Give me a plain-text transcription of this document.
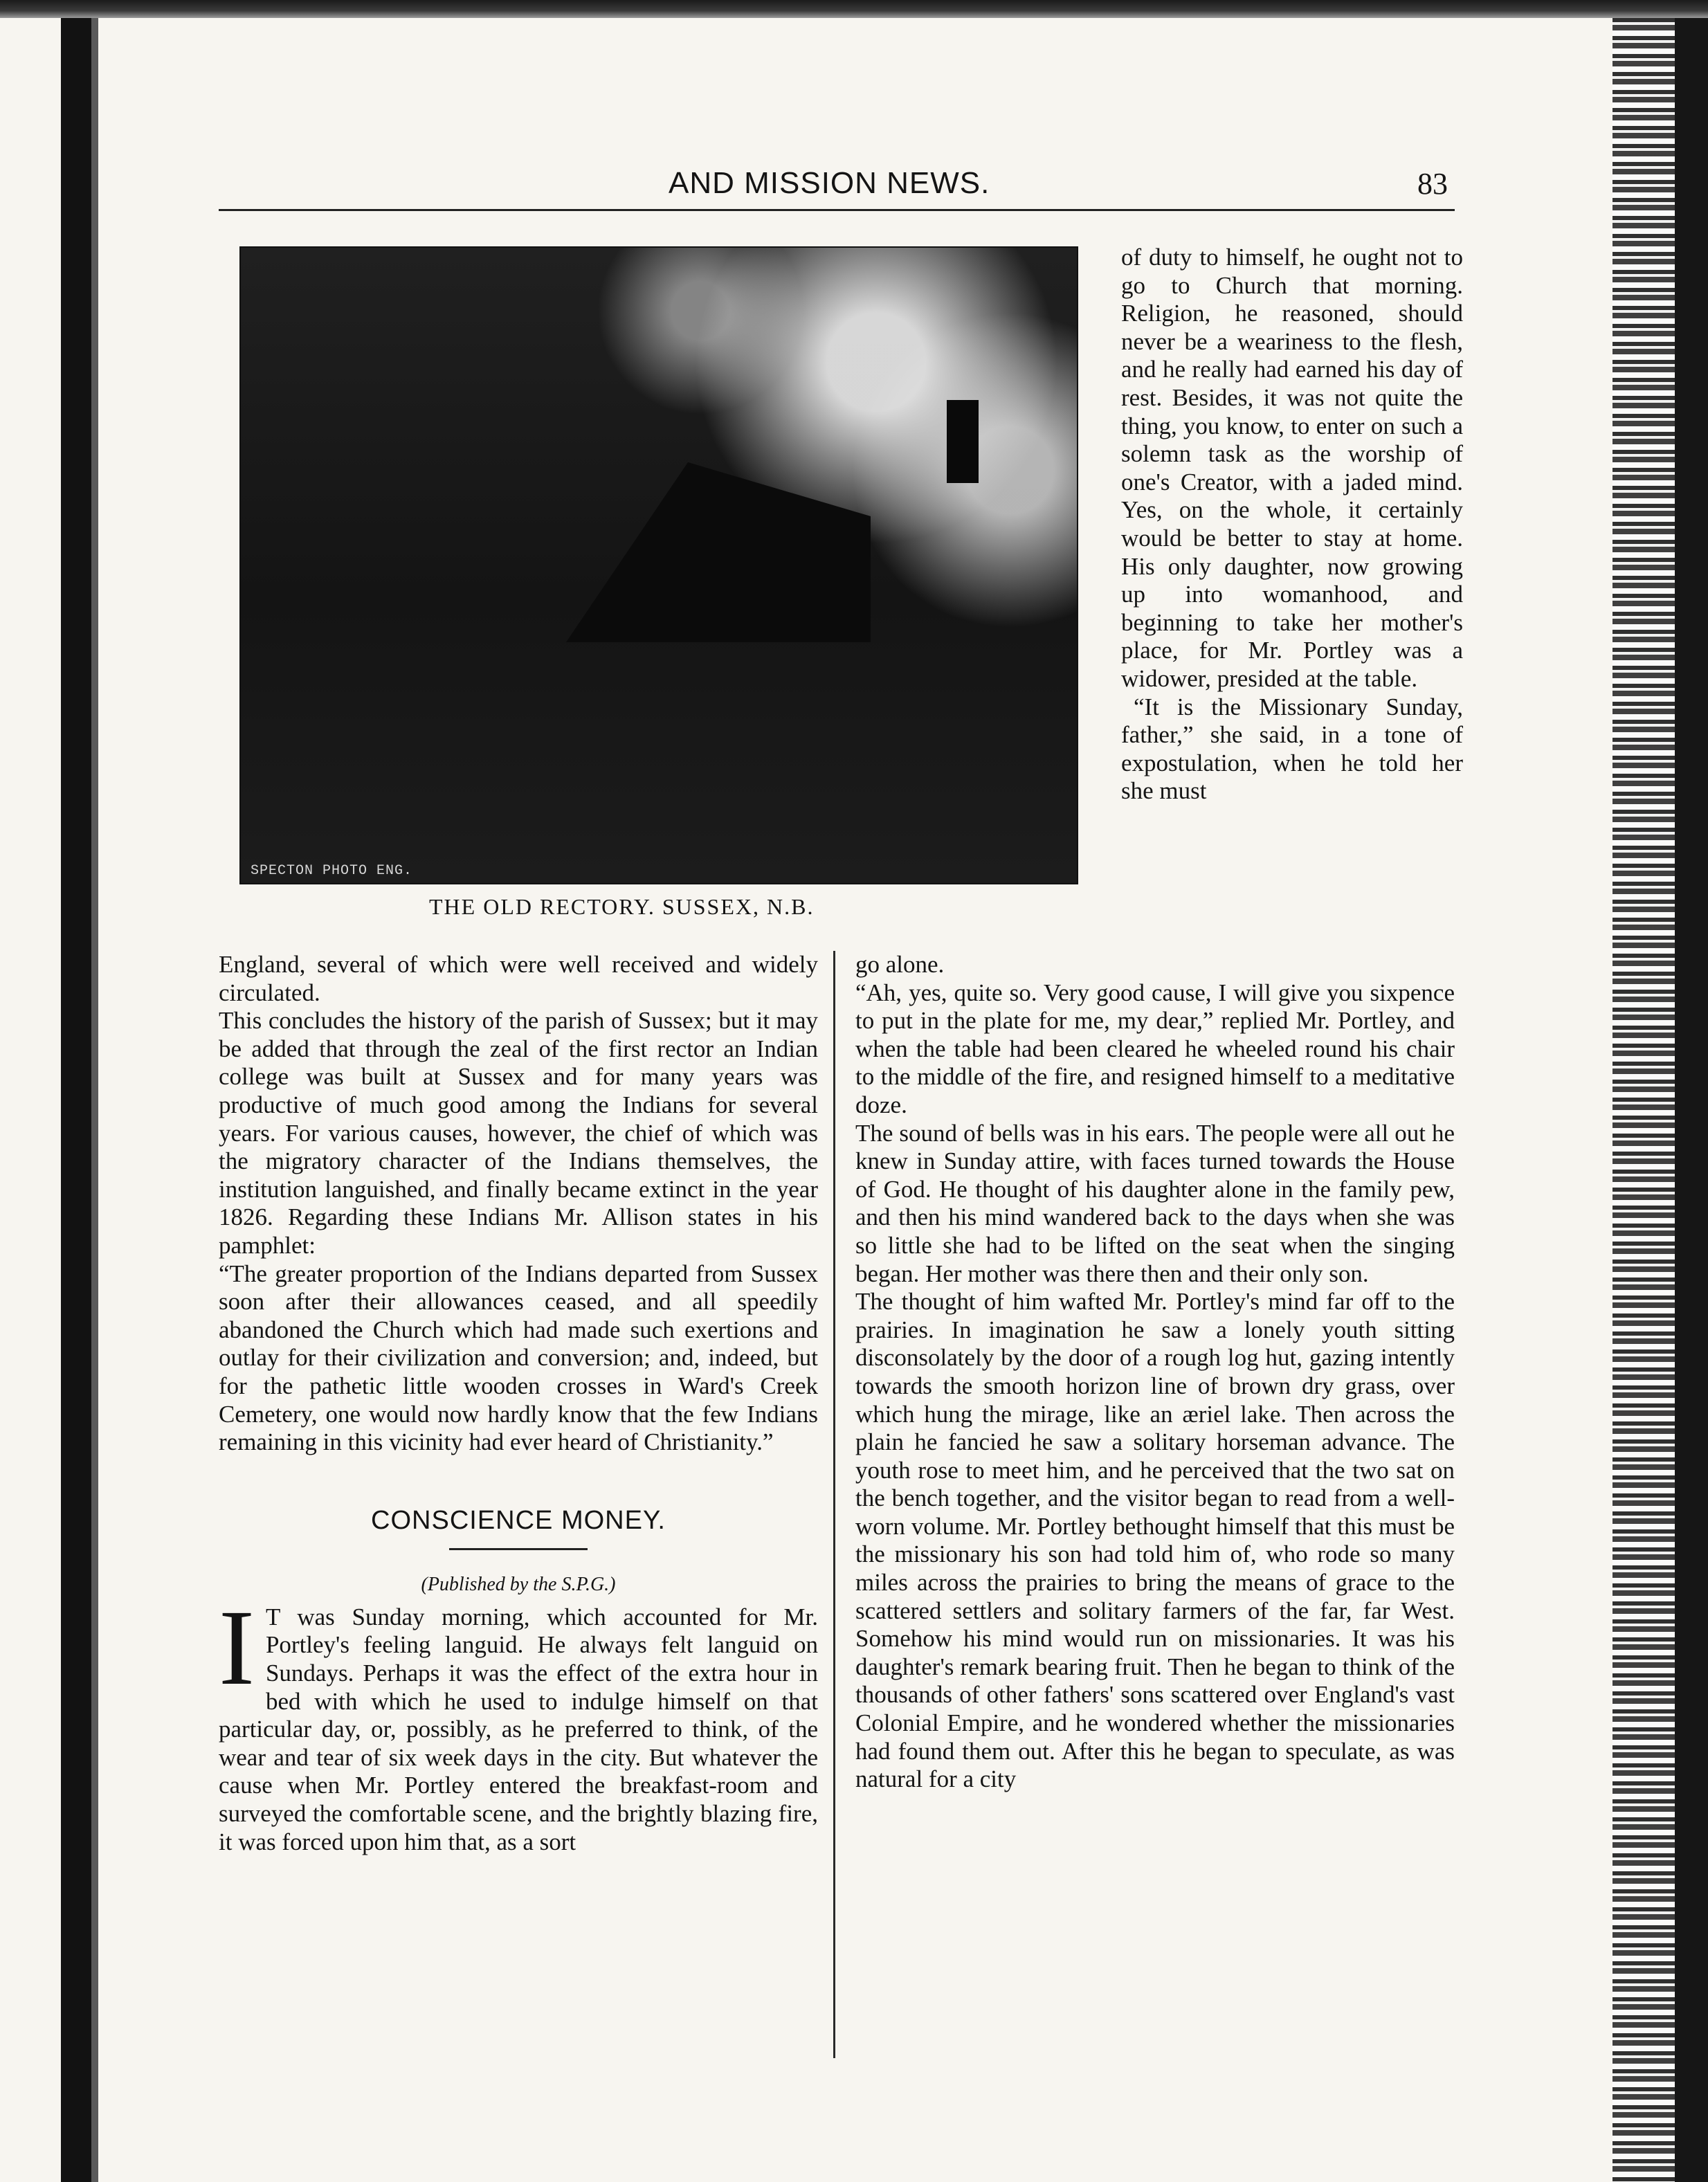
AND MISSION NEWS.	83
SPECTON PHOTO ENG.
THE OLD RECTORY. SUSSEX, N.B.

of duty to himself, he ought not to go to Church that morning. Religion, he reasoned, should never be a weariness to the flesh, and he really had earned his day of rest. Besides, it was not quite the thing, you know, to enter on such a solemn task as the worship of one's Creator, with a jaded mind. Yes, on the whole, it certainly would be better to stay at home. His only daughter, now growing up into womanhood, and beginning to take her mother's place, for Mr. Portley was a widower, presided at the table.

“It is the Missionary Sunday, father,” she said, in a tone of expostulation, when he told her she must

England, several of which were well received and widely circulated.

This concludes the history of the parish of Sussex; but it may be added that through the zeal of the first rector an Indian college was built at Sussex and for many years was productive of much good among the Indians for several years. For various causes, however, the chief of which was the migratory character of the Indians themselves, the institution languished, and finally became extinct in the year 1826. Regarding these Indians Mr. Allison states in his pamphlet:

“The greater proportion of the Indians departed from Sussex soon after their allowances ceased, and all speedily abandoned the Church which had made such exertions and outlay for their civilization and conversion; and, indeed, but for the pathetic little wooden crosses in Ward's Creek Cemetery, one would now hardly know that the few Indians remaining in this vicinity had ever heard of Christianity.”

CONSCIENCE MONEY.
(Published by the S.P.G.)

I T was Sunday morning, which accounted for Mr. Portley's feeling languid. He always felt languid on Sundays. Perhaps it was the effect of the extra hour in bed with which he used to indulge himself on that particular day, or, possibly, as he preferred to think, of the wear and tear of six week days in the city. But whatever the cause when Mr. Portley entered the breakfast-room and surveyed the comfortable scene, and the brightly blazing fire, it was forced upon him that, as a sort

go alone.

“Ah, yes, quite so. Very good cause, I will give you sixpence to put in the plate for me, my dear,” replied Mr. Portley, and when the table had been cleared he wheeled round his chair to the middle of the fire, and resigned himself to a meditative doze.

The sound of bells was in his ears. The people were all out he knew in Sunday attire, with faces turned towards the House of God. He thought of his daughter alone in the family pew, and then his mind wandered back to the days when she was so little she had to be lifted on the seat when the singing began. Her mother was there then and their only son.

The thought of him wafted Mr. Portley's mind far off to the prairies. In imagination he saw a lonely youth sitting disconsolately by the door of a rough log hut, gazing intently towards the smooth horizon line of brown dry grass, over which hung the mirage, like an æriel lake. Then across the plain he fancied he saw a solitary horseman advance. The youth rose to meet him, and he perceived that the two sat on the bench together, and the visitor began to read from a well-worn volume. Mr. Portley bethought himself that this must be the missionary his son had told him of, who rode so many miles across the prairies to bring the means of grace to the scattered settlers and solitary farmers of the far, far West. Somehow his mind would run on missionaries. It was his daughter's remark bearing fruit. Then he began to think of the thousands of other fathers' sons scattered over England's vast Colonial Empire, and he wondered whether the missionaries had found them out. After this he began to speculate, as was natural for a city
